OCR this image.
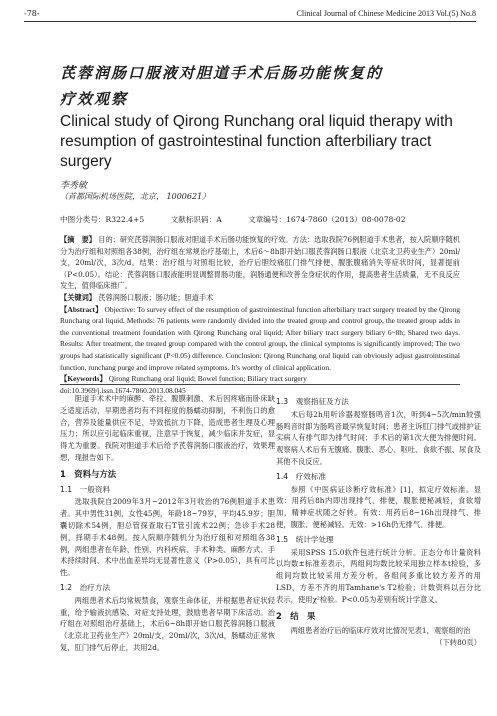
-78-	Clinical Journal of Chinese Medicine 2013 Vol.(5) No.8
芪蓉润肠口服液对胆道手术后肠功能恢复的
疗效观察
Clinical study of Qirong Runchang oral liquid therapy with resumption of gastrointestinal function afterbiliary tract surgery
李秀敏
（首都国际机场医院，北京， 1000621）
中图分类号：R322.4+5	文献标识码：A	文章编号：1674-7860（2013）08-0078-02

【摘　要】 目的：研究芪蓉润肠口服液对胆道手术后肠功能恢复的疗效。方法：选取我院76例胆道手术患者，按入院顺序随机分为治疗组和对照组各38例，治疗组在常规治疗基础上，术后6～8h即开始口服芪蓉润肠口服液（北京北卫药业生产）20ml/支，20ml/次，3次/d。结果：治疗组与对照组比较，治疗后胆绞痛肛门排气排便、腹胀腹痛消失等症状时间，显著提前（P<0.05）。结论：芪蓉润肠口服液能明显调整胃肠功能，润肠通便和改善全身症状的作用，提高患者生活质量，无不良反应发生，值得临床推广。

【关键词】 芪蓉润肠口服液；肠功能；胆道手术

【Abstract】 Objective: To survey effect of the resumption of gastrointestinal function afterbiliary tract surgery treated by the Qirong Runchang oral liquid. Methods: 76 patients were randomly divided into the treated group and control group, the treated group adds in the conventional treatment foundation with Qirong Runchang oral liquid; After biliary tract surgery biliary 6~8h; Shared two days. Results: After treatment, the treated group compared with the control group, the clinical symptoms is significantly improved; The two groups had statistically significant (P<0.05) difference. Conclusion: Qirong Runchang oral liquid can obviously adjust gastrointestinal function, runchang purge and improve related symptoms. It's worthy of clinical application.

【Keywords】 Qirong Runchang oral liquid; Bowel function; Biliary tract surgery

doi:10.3969/j.issn.1674-7860.2013.08.045

胆道手术术中的麻醉、牵拉、腹膜刺激、术后因疼痛而卧床缺乏适度活动，早期患者均有不同程度的肠蠕动抑制，不利伤口的愈合，营养及能量供应不足，导致抵抗力下降，造成患者生理及心理压力；所以应引起临床重视，注意早于恢复，减少临床并发症，显得尤为重要。我院对胆道手术后给予芪蓉润肠口服液治疗，效果理想，现报告如下。

1　资料与方法
1.1　一般资料

选取我院自2009年3月~2012年3月收治的76例胆道手术患者。其中男性31例，女性45例，年龄18~79岁，平均45.9岁；胆囊切除术54例，胆总管探查取石T管引流术22例；急诊手术28例，择期手术48例。按入院顺序随机分为治疗组和对照组各38例，两组患者在年龄、性别、内科疾病、手术种类、麻醉方式、手术持续时间、术中出血差异均无显著性意义（P>0.05），具有可比性。

1.2　治疗方法

两组患者术后均常规禁食，观察生命体征，并根据患者症状轻重，给予输液抗感染、对症支持处理，鼓励患者早期下床活动。治疗组在对照组治疗基础上，术后6~8h即开始口服芪蓉润肠口服液（北京北卫药业生产）20ml/支，20ml/次，3次/d，肠蠕动正常恢复，肛门排气后停止，共用2d。

1.3　观察指征及方法

术后每2h用听诊器观察肠鸣音1次，听到4~5次/min较强肠鸣音时即为肠鸣音最早恢复时间；患者主诉肛门排气或排护证实病人有排气即为排气时间；手术后的第1次大便为排便时间。观察病人术后有无腹痛、腹胀、恶心、呕吐、食欲不振、尿食及其他不良反应。

1.4　疗效标准

参照《中医病证诊断疗效标准》[1]，拟定疗效标准。显效：用药后8h内即出现排气、排便，腹胀便秘减轻，食欲增加，精神症状随之好转。有效：用药后8~16h出现排气、排便，腹胀、便秘减轻。无效：>16h仍无排气、排便。

1.5　统计学处理

采用SPSS 15.0软件包进行统计分析。正态分布计量资料以均数±标准差表示，两组间均数比较采用独立样本t检验，多组间均数比较采用方差分析，各组间多重比较方差齐的用LSD，方差不齐的用Tamhane's T2检验；计数资料以百分比表示，使用χ²检验。P<0.05为差别有统计学意义。

2　结　果

两组患者治疗后的临床疗效对比情况见表1，观察组的治

（下转80页）
